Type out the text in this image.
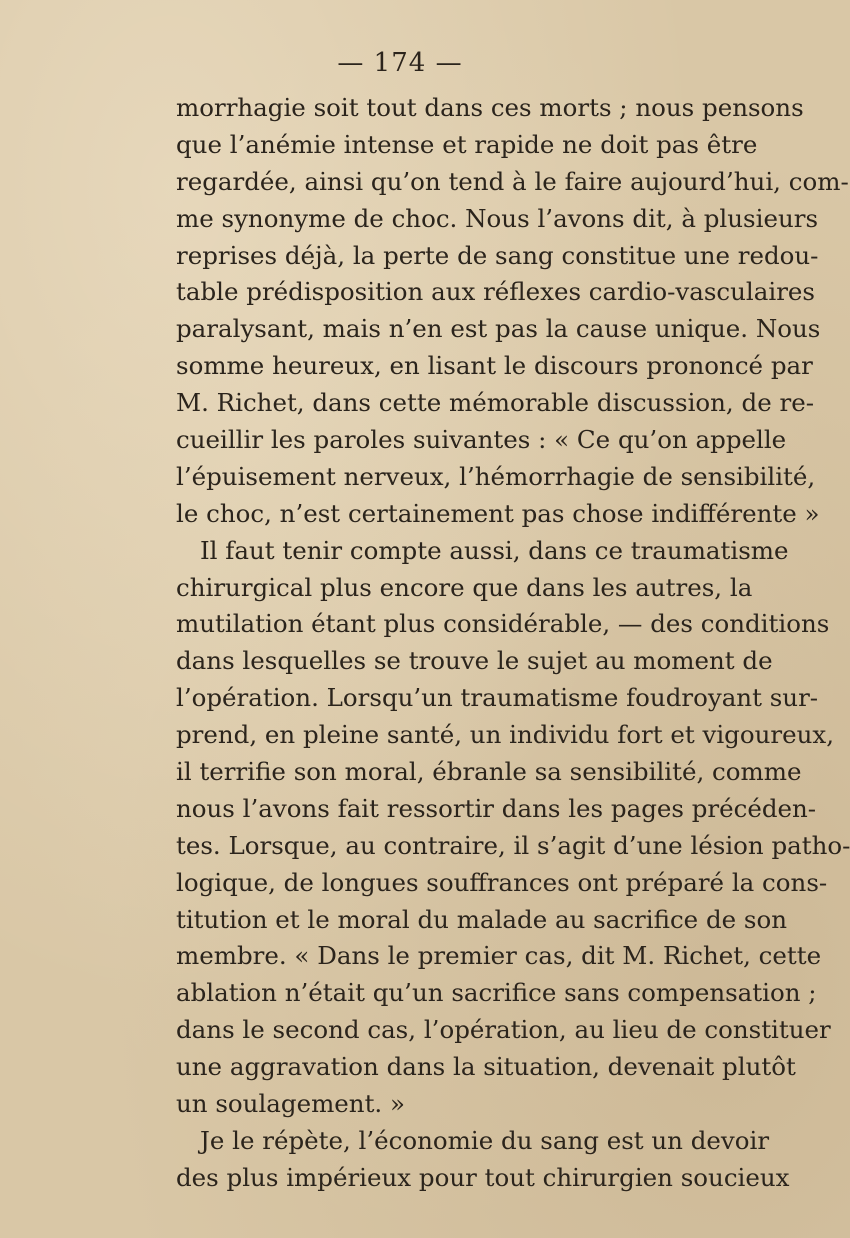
— 174 —
morrhagie soit tout dans ces morts ; nous pensons
que l’anémie intense et rapide ne doit pas être
regardée, ainsi qu’on tend à le faire aujourd’hui, com-
me synonyme de choc. Nous l’avons dit, à plusieurs
reprises déjà, la perte de sang constitue une redou-
table prédisposition aux réflexes cardio-vasculaires
paralysant, mais n’en est pas la cause unique. Nous
somme heureux, en lisant le discours prononcé par
M. Richet, dans cette mémorable discussion, de re-
cueillir les paroles suivantes : « Ce qu’on appelle
l’épuisement nerveux, l’hémorrhagie de sensibilité,
le choc, n’est certainement pas chose indifférente »
Il faut tenir compte aussi, dans ce traumatisme
chirurgical plus encore que dans les autres, la
mutilation étant plus considérable, — des conditions
dans lesquelles se trouve le sujet au moment de
l’opération. Lorsqu’un traumatisme foudroyant sur-
prend, en pleine santé, un individu fort et vigoureux,
il terrifie son moral, ébranle sa sensibilité, comme
nous l’avons fait ressortir dans les pages précéden-
tes. Lorsque, au contraire, il s’agit d’une lésion patho-
logique, de longues souffrances ont préparé la cons-
titution et le moral du malade au sacrifice de son
membre. « Dans le premier cas, dit M. Richet, cette
ablation n’était qu’un sacrifice sans compensation ;
dans le second cas, l’opération, au lieu de constituer
une aggravation dans la situation, devenait plutôt
un soulagement. »
Je le répète, l’économie du sang est un devoir
des plus impérieux pour tout chirurgien soucieux
